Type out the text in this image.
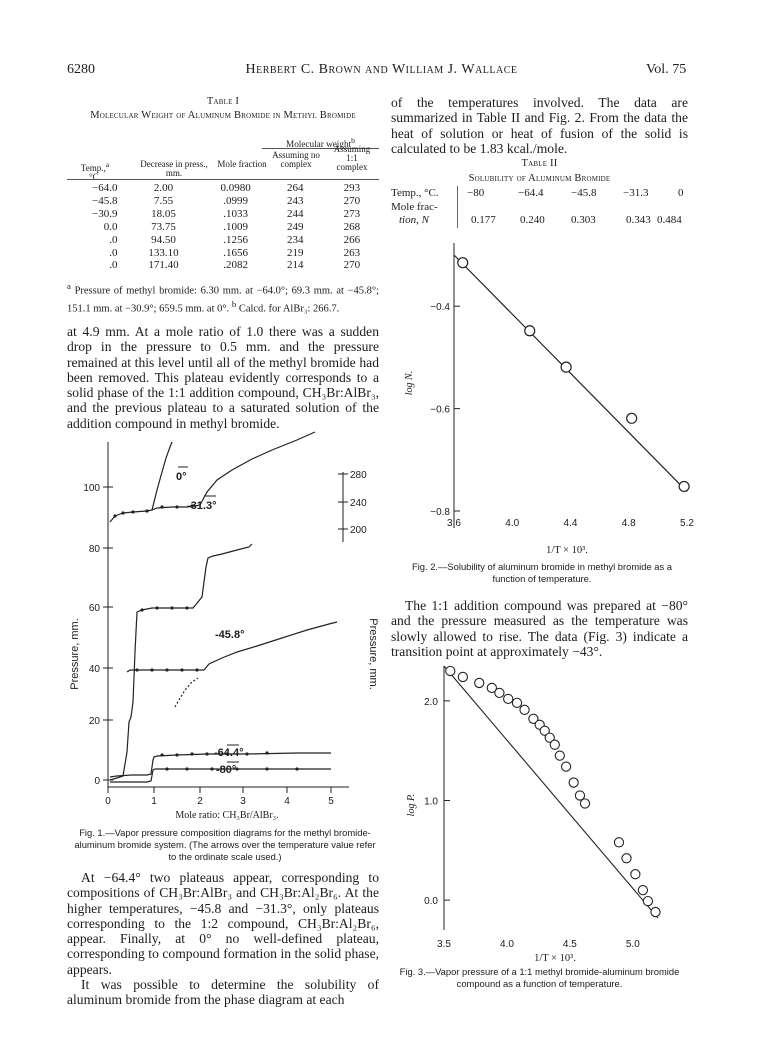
6280	Herbert C. Brown and William J. Wallace	Vol. 75
Table I
Molecular Weight of Aluminum Bromide in Methyl Bromide
Molecular weight$^b$
Temp.,$^a$
°C.
Decrease in press., mm.
Mole fraction
Assuming no complex
Assuming 1:1 complex
−64.0	2.00	0.0980	264	293
−45.8	7.55	.0999	243	270
−30.9	18.05	.1033	244	273
0.0	73.75	.1009	249	268
.0	94.50	.1256	234	266
.0	133.10	.1656	219	263
.0	171.40	.2082	214	270
$^a$ Pressure of methyl bromide: 6.30 mm. at −64.0°; 69.3 mm. at −45.8°; 151.1 mm. at −30.9°; 659.5 mm. at 0°. $^b$ Calcd. for AlBr₃: 266.7.

at 4.9 mm. At a mole ratio of 1.0 there was a sudden drop in the pressure to 0.5 mm. and the pressure remained at this level until all of the methyl bromide had been removed. This plateau evidently corresponds to a solid phase of the 1:1 addition compound, CH₃Br:AlBr₃, and the previous plateau to a saturated solution of the addition compound in methyl bromide.

Pressure, mm.	Pressure, mm.
0
20
40
60
80
100
280
240
200
0	1	2	3	4	5
Mole ratio: CH₃Br/AlBr₃.
0°
-31.3°
-45.8°
-64.4°
-80°
Fig. 1.—Vapor pressure composition diagrams for the methyl bromide-aluminum bromide system. (The arrows over the temperature value refer to the ordinate scale used.)

At −64.4° two plateaus appear, corresponding to compositions of CH₃Br:AlBr₃ and CH₃Br:Al₂Br₆. At the higher temperatures, −45.8 and −31.3°, only plateaus corresponding to the 1:2 compound, CH₃Br:Al₂Br₆, appear. Finally, at 0° no well-defined plateau, corresponding to compound formation in the solid phase, appears.

It was possible to determine the solubility of aluminum bromide from the phase diagram at each

of the temperatures involved. The data are summarized in Table II and Fig. 2. From the data the heat of solution or heat of fusion of the solid is calculated to be 1.83 kcal./mole.

Table II
Solubility of Aluminum Bromide
Temp., °C.	−80	−64.4	−45.8 −31.3	0
Mole frac-
tion, N	0.177 0.240 0.303	0.343 0.484
−0.4
−0.6
−0.8
3.6	4.0	4.4	4.8	5.2
log N.
1/T × 10³.
Fig. 2.—Solubility of aluminum bromide in methyl bromide as a function of temperature.

The 1:1 addition compound was prepared at −80° and the pressure measured as the temperature was slowly allowed to rise. The data (Fig. 3) indicate a transition point at approximately −43°.

2.0
1.0
0.0
3.5	4.0	4.5	5.0
log P.
1/T × 10³.
Fig. 3.—Vapor pressure of a 1:1 methyl bromide-aluminum bromide compound as a function of temperature.
